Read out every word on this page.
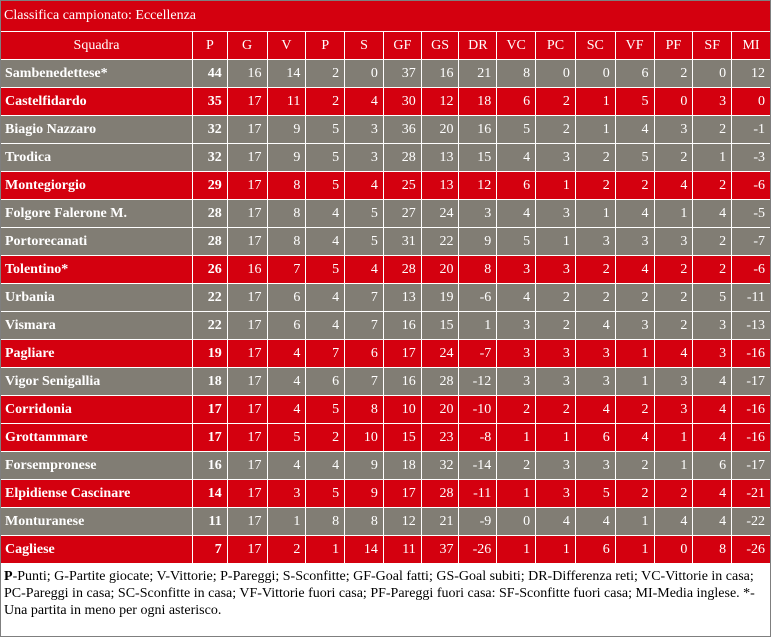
Classifica campionato: Eccellenza
Squadra	P	G	V	P	S	GF	GS	DR	VC	PC	SC	VF	PF	SF	MI
Sambenedettese*	44	16	14	2	0	37	16	21	8	0	0	6	2	0	12
Castelfidardo	35	17	11	2	4	30	12	18	6	2	1	5	0	3	0
Biagio Nazzaro	32	17	9	5	3	36	20	16	5	2	1	4	3	2	-1
Trodica	32	17	9	5	3	28	13	15	4	3	2	5	2	1	-3
Montegiorgio	29	17	8	5	4	25	13	12	6	1	2	2	4	2	-6
Folgore Falerone M.	28	17	8	4	5	27	24	3	4	3	1	4	1	4	-5
Portorecanati	28	17	8	4	5	31	22	9	5	1	3	3	3	2	-7
Tolentino*	26	16	7	5	4	28	20	8	3	3	2	4	2	2	-6
Urbania	22	17	6	4	7	13	19	-6	4	2	2	2	2	5	-11
Vismara	22	17	6	4	7	16	15	1	3	2	4	3	2	3	-13
Pagliare	19	17	4	7	6	17	24	-7	3	3	3	1	4	3	-16
Vigor Senigallia	18	17	4	6	7	16	28	-12	3	3	3	1	3	4	-17
Corridonia	17	17	4	5	8	10	20	-10	2	2	4	2	3	4	-16
Grottammare	17	17	5	2	10	15	23	-8	1	1	6	4	1	4	-16
Forsempronese	16	17	4	4	9	18	32	-14	2	3	3	2	1	6	-17
Elpidiense Cascinare	14	17	3	5	9	17	28	-11	1	3	5	2	2	4	-21
Monturanese	11	17	1	8	8	12	21	-9	0	4	4	1	4	4	-22
Cagliese	7	17	2	1	14	11	37	-26	1	1	6	1	0	8	-26
P-Punti; G-Partite giocate; V-Vittorie; P-Pareggi; S-Sconfitte; GF-Goal fatti; GS-Goal subiti; DR-Differenza reti; VC-Vittorie in casa; PC-Pareggi in casa; SC-Sconfitte in casa; VF-Vittorie fuori casa; PF-Pareggi fuori casa: SF-Sconfitte fuori casa; MI-Media inglese. *- Una partita in meno per ogni asterisco.
